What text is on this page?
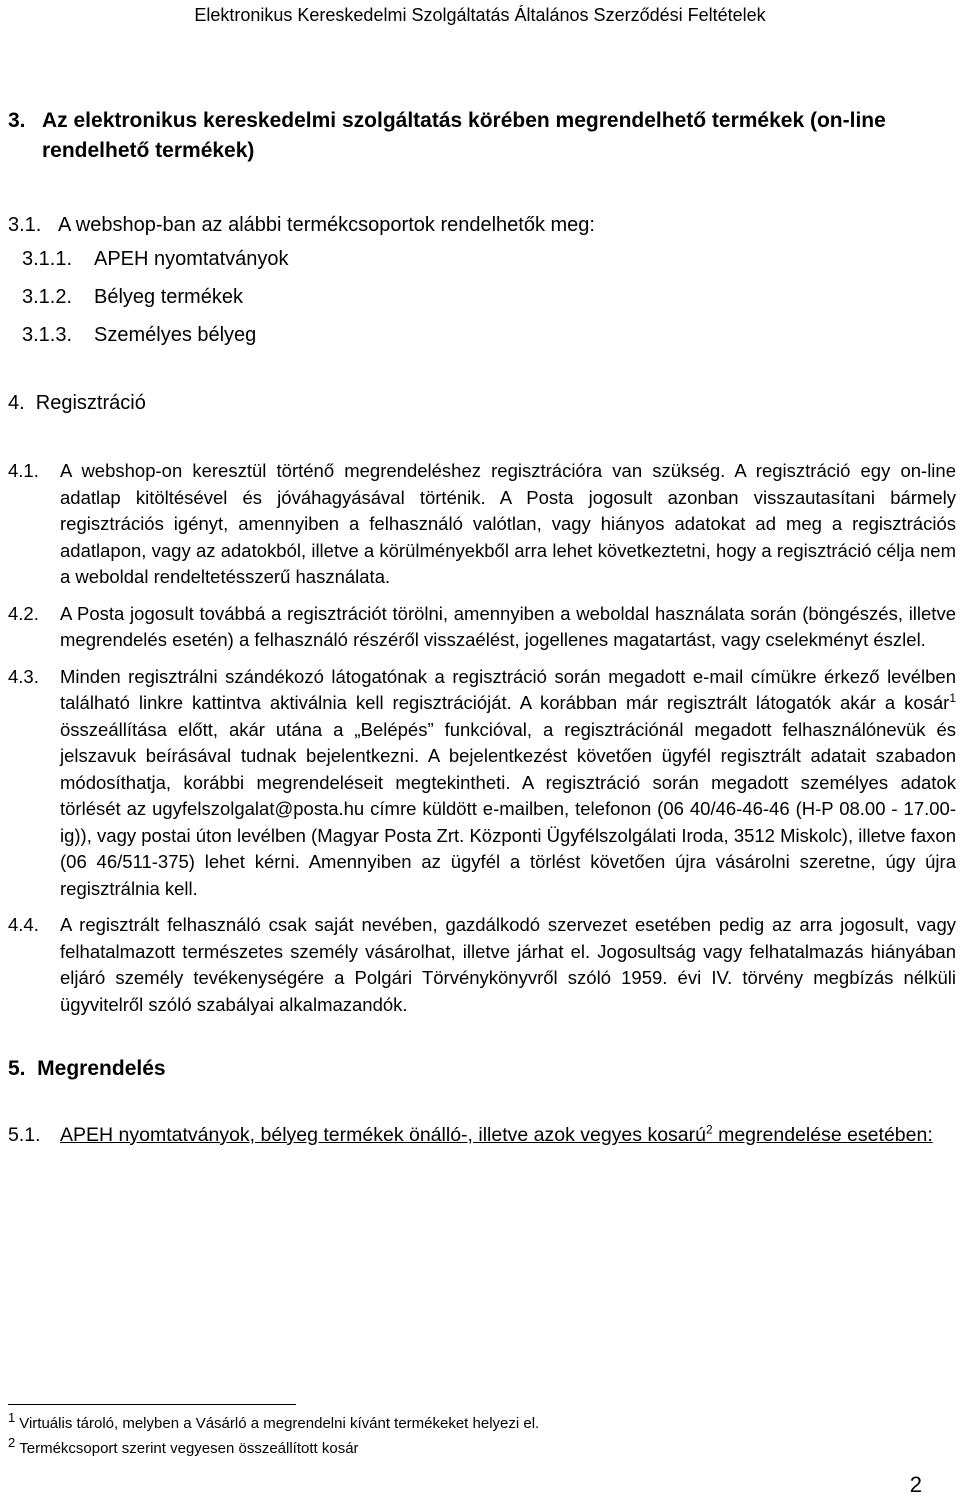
Elektronikus Kereskedelmi Szolgáltatás Általános Szerződési Feltételek
3. Az elektronikus kereskedelmi szolgáltatás körében megrendelhető termékek (on-line
rendelhető termékek)
3.1. A webshop-ban az alábbi termékcsoportok rendelhetők meg:
3.1.1.	APEH nyomtatványok
3.1.2.	Bélyeg termékek
3.1.3.	Személyes bélyeg
4.  Regisztráció
4.1.	A webshop-on keresztül történő megrendeléshez regisztrációra van szükség. A regisztráció egy on-line adatlap kitöltésével és jóváhagyásával történik. A Posta jogosult azonban visszautasítani bármely regisztrációs igényt, amennyiben a felhasználó valótlan, vagy hiányos adatokat ad meg a regisztrációs adatlapon, vagy az adatokból, illetve a körülményekből arra lehet következtetni, hogy a regisztráció célja nem a weboldal rendeltetésszerű használata.
4.2.	A Posta jogosult továbbá a regisztrációt törölni, amennyiben a weboldal használata során (böngészés, illetve megrendelés esetén) a felhasználó részéről visszaélést, jogellenes magatartást, vagy cselekményt észlel.
4.3.	Minden regisztrálni szándékozó látogatónak a regisztráció során megadott e-mail címükre érkező levélben található linkre kattintva aktiválnia kell regisztrációját. A korábban már regisztrált látogatók akár a kosár$^1$ összeállítása előtt, akár utána a „Belépés” funkcióval, a regisztrációnál megadott felhasználónevük és jelszavuk beírásával tudnak bejelentkezni. A bejelentkezést követően ügyfél regisztrált adatait szabadon módosíthatja, korábbi megrendeléseit megtekintheti. A regisztráció során megadott személyes adatok törlését az ugyfelszolgalat@posta.hu címre küldött e-mailben, telefonon (06 40/46-46-46 (H-P 08.00 - 17.00-ig)), vagy postai úton levélben (Magyar Posta Zrt. Központi Ügyfélszolgálati Iroda, 3512 Miskolc), illetve faxon (06 46/511-375) lehet kérni. Amennyiben az ügyfél a törlést követően újra vásárolni szeretne, úgy újra regisztrálnia kell.
4.4.	A regisztrált felhasználó csak saját nevében, gazdálkodó szervezet esetében pedig az arra jogosult, vagy felhatalmazott természetes személy vásárolhat, illetve járhat el. Jogosultság vagy felhatalmazás hiányában eljáró személy tevékenységére a Polgári Törvénykönyvről szóló 1959. évi IV. törvény megbízás nélküli ügyvitelről szóló szabályai alkalmazandók.
5.  Megrendelés
5.1. APEH nyomtatványok, bélyeg termékek önálló-, illetve azok vegyes kosarú$^2$ megrendelése esetében:

1 Virtuális tároló, melyben a Vásárló a megrendelni kívánt termékeket helyezi el.

2 Termékcsoport szerint vegyesen összeállított kosár

2
